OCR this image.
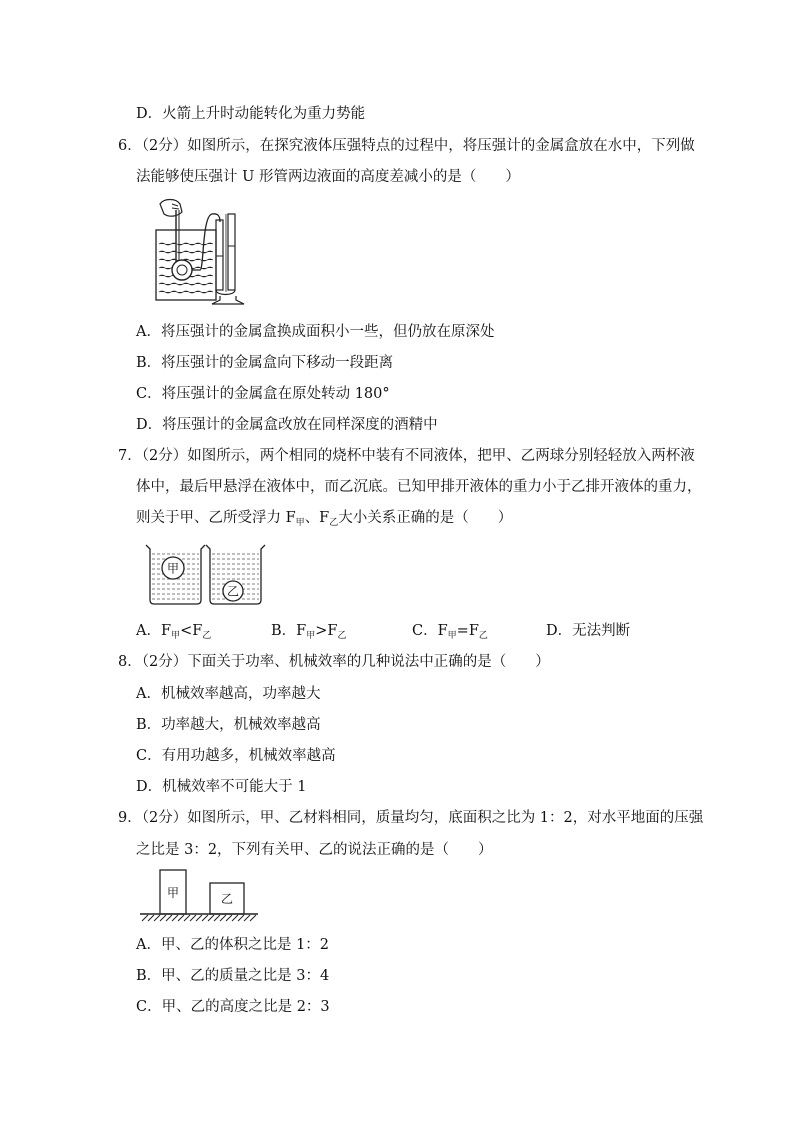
D．火箭上升时动能转化为重力势能
6．（2分）如图所示，在探究液体压强特点的过程中，将压强计的金属盒放在水中，下列做
法能够使压强计 U 形管两边液面的高度差减小的是（　　）
A．将压强计的金属盒换成面积小一些，但仍放在原深处
B．将压强计的金属盒向下移动一段距离
C．将压强计的金属盒在原处转动 180°
D．将压强计的金属盒改放在同样深度的酒精中
7．（2分）如图所示，两个相同的烧杯中装有不同液体，把甲、乙两球分别轻轻放入两杯液
体中，最后甲悬浮在液体中，而乙沉底。已知甲排开液体的重力小于乙排开液体的重力，
则关于甲、乙所受浮力 $F_甲$、$F_乙$大小关系正确的是（　　）
甲
乙
A．$F_甲<F_乙$	B．$F_甲>F_乙$	C．$F_甲=F_乙$	D．无法判断
8．（2分）下面关于功率、机械效率的几种说法中正确的是（　　）
A．机械效率越高，功率越大
B．功率越大，机械效率越高
C．有用功越多，机械效率越高
D．机械效率不可能大于 1
9．（2分）如图所示，甲、乙材料相同，质量均匀，底面积之比为 1：2，对水平地面的压强
之比是 3：2，下列有关甲、乙的说法正确的是（　　）
甲	乙
A．甲、乙的体积之比是 1：2
B．甲、乙的质量之比是 3：4
C．甲、乙的高度之比是 2：3
